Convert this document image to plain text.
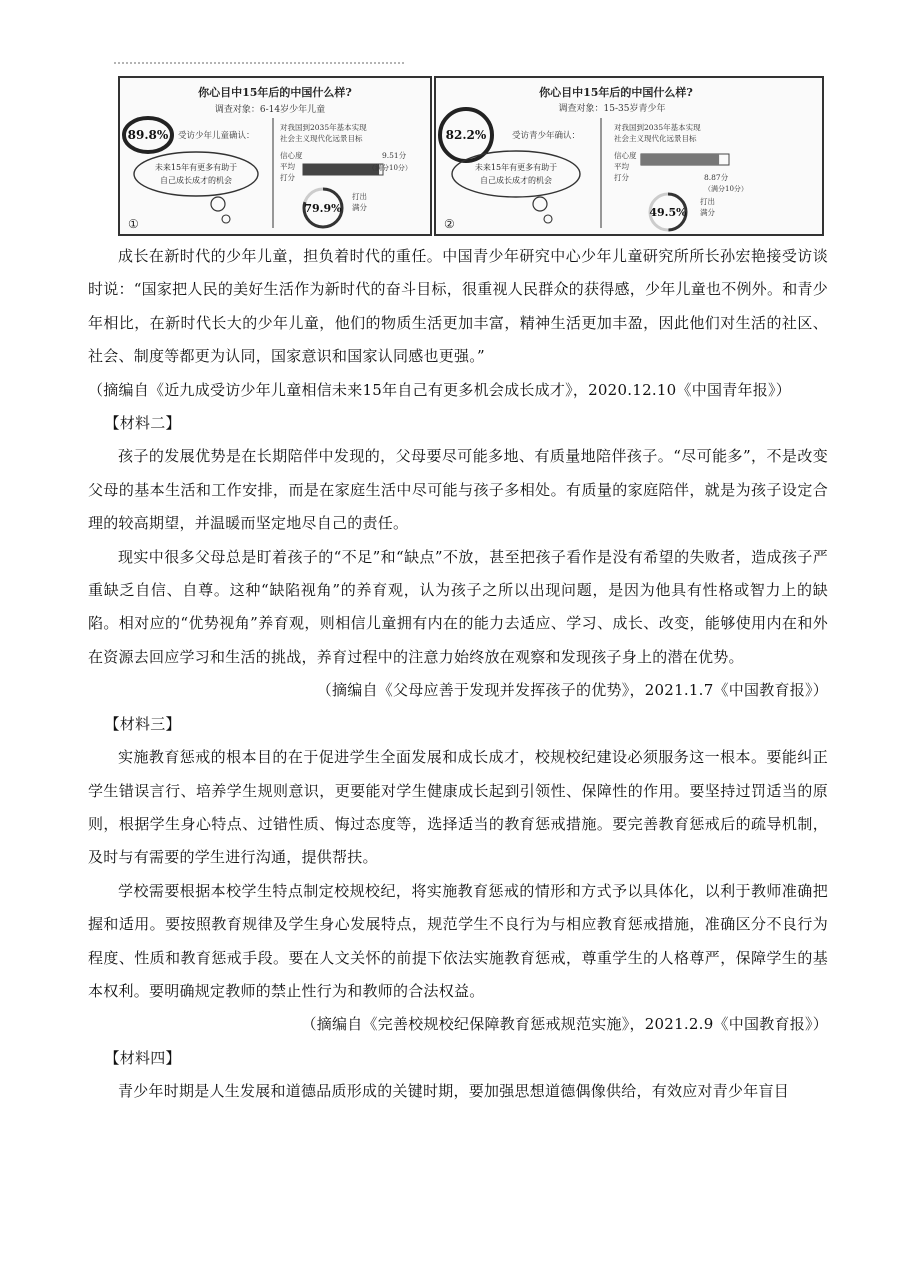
你心目中15年后的中国什么样?
调查对象：6-14岁少年儿童
89.8% 受访少年儿童确认：
未来15年有更多有助于
自己成长成才的机会
①
对我国到2035年基本实现
社会主义现代化远景目标
信心度
平均
打分
9.51分
（满分10分）
79.9%
打出
满分
你心目中15年后的中国什么样?
调查对象：15-35岁青少年
82.2%	受访青少年确认：
未来15年有更多有助于
自己成长成才的机会
②
对我国到2035年基本实现
社会主义现代化远景目标
信心度
平均
打分	8.87分
（满分10分）
49.5%
打出
满分

成长在新时代的少年儿童，担负着时代的重任。中国青少年研究中心少年儿童研究所所长孙宏艳接受访谈时说：“国家把人民的美好生活作为新时代的奋斗目标，很重视人民群众的获得感，少年儿童也不例外。和青少年相比，在新时代长大的少年儿童，他们的物质生活更加丰富，精神生活更加丰盈，因此他们对生活的社区、社会、制度等都更为认同，国家意识和国家认同感也更强。”

（摘编自《近九成受访少年儿童相信未来15年自己有更多机会成长成才》，2020.12.10《中国青年报》）

【材料二】

孩子的发展优势是在长期陪伴中发现的，父母要尽可能多地、有质量地陪伴孩子。“尽可能多”，不是改变父母的基本生活和工作安排，而是在家庭生活中尽可能与孩子多相处。有质量的家庭陪伴，就是为孩子设定合理的较高期望，并温暖而坚定地尽自己的责任。

现实中很多父母总是盯着孩子的“不足”和“缺点”不放，甚至把孩子看作是没有希望的失败者，造成孩子严重缺乏自信、自尊。这种“缺陷视角”的养育观，认为孩子之所以出现问题，是因为他具有性格或智力上的缺陷。相对应的“优势视角”养育观，则相信儿童拥有内在的能力去适应、学习、成长、改变，能够使用内在和外在资源去回应学习和生活的挑战，养育过程中的注意力始终放在观察和发现孩子身上的潜在优势。

（摘编自《父母应善于发现并发挥孩子的优势》，2021.1.7《中国教育报》）

【材料三】

实施教育惩戒的根本目的在于促进学生全面发展和成长成才，校规校纪建设必须服务这一根本。要能纠正学生错误言行、培养学生规则意识，更要能对学生健康成长起到引领性、保障性的作用。要坚持过罚适当的原则，根据学生身心特点、过错性质、悔过态度等，选择适当的教育惩戒措施。要完善教育惩戒后的疏导机制，及时与有需要的学生进行沟通，提供帮扶。

学校需要根据本校学生特点制定校规校纪，将实施教育惩戒的情形和方式予以具体化，以利于教师准确把握和适用。要按照教育规律及学生身心发展特点，规范学生不良行为与相应教育惩戒措施，准确区分不良行为程度、性质和教育惩戒手段。要在人文关怀的前提下依法实施教育惩戒，尊重学生的人格尊严，保障学生的基本权利。要明确规定教师的禁止性行为和教师的合法权益。

（摘编自《完善校规校纪保障教育惩戒规范实施》，2021.2.9《中国教育报》）

【材料四】

青少年时期是人生发展和道德品质形成的关键时期，要加强思想道德偶像供给，有效应对青少年盲目
